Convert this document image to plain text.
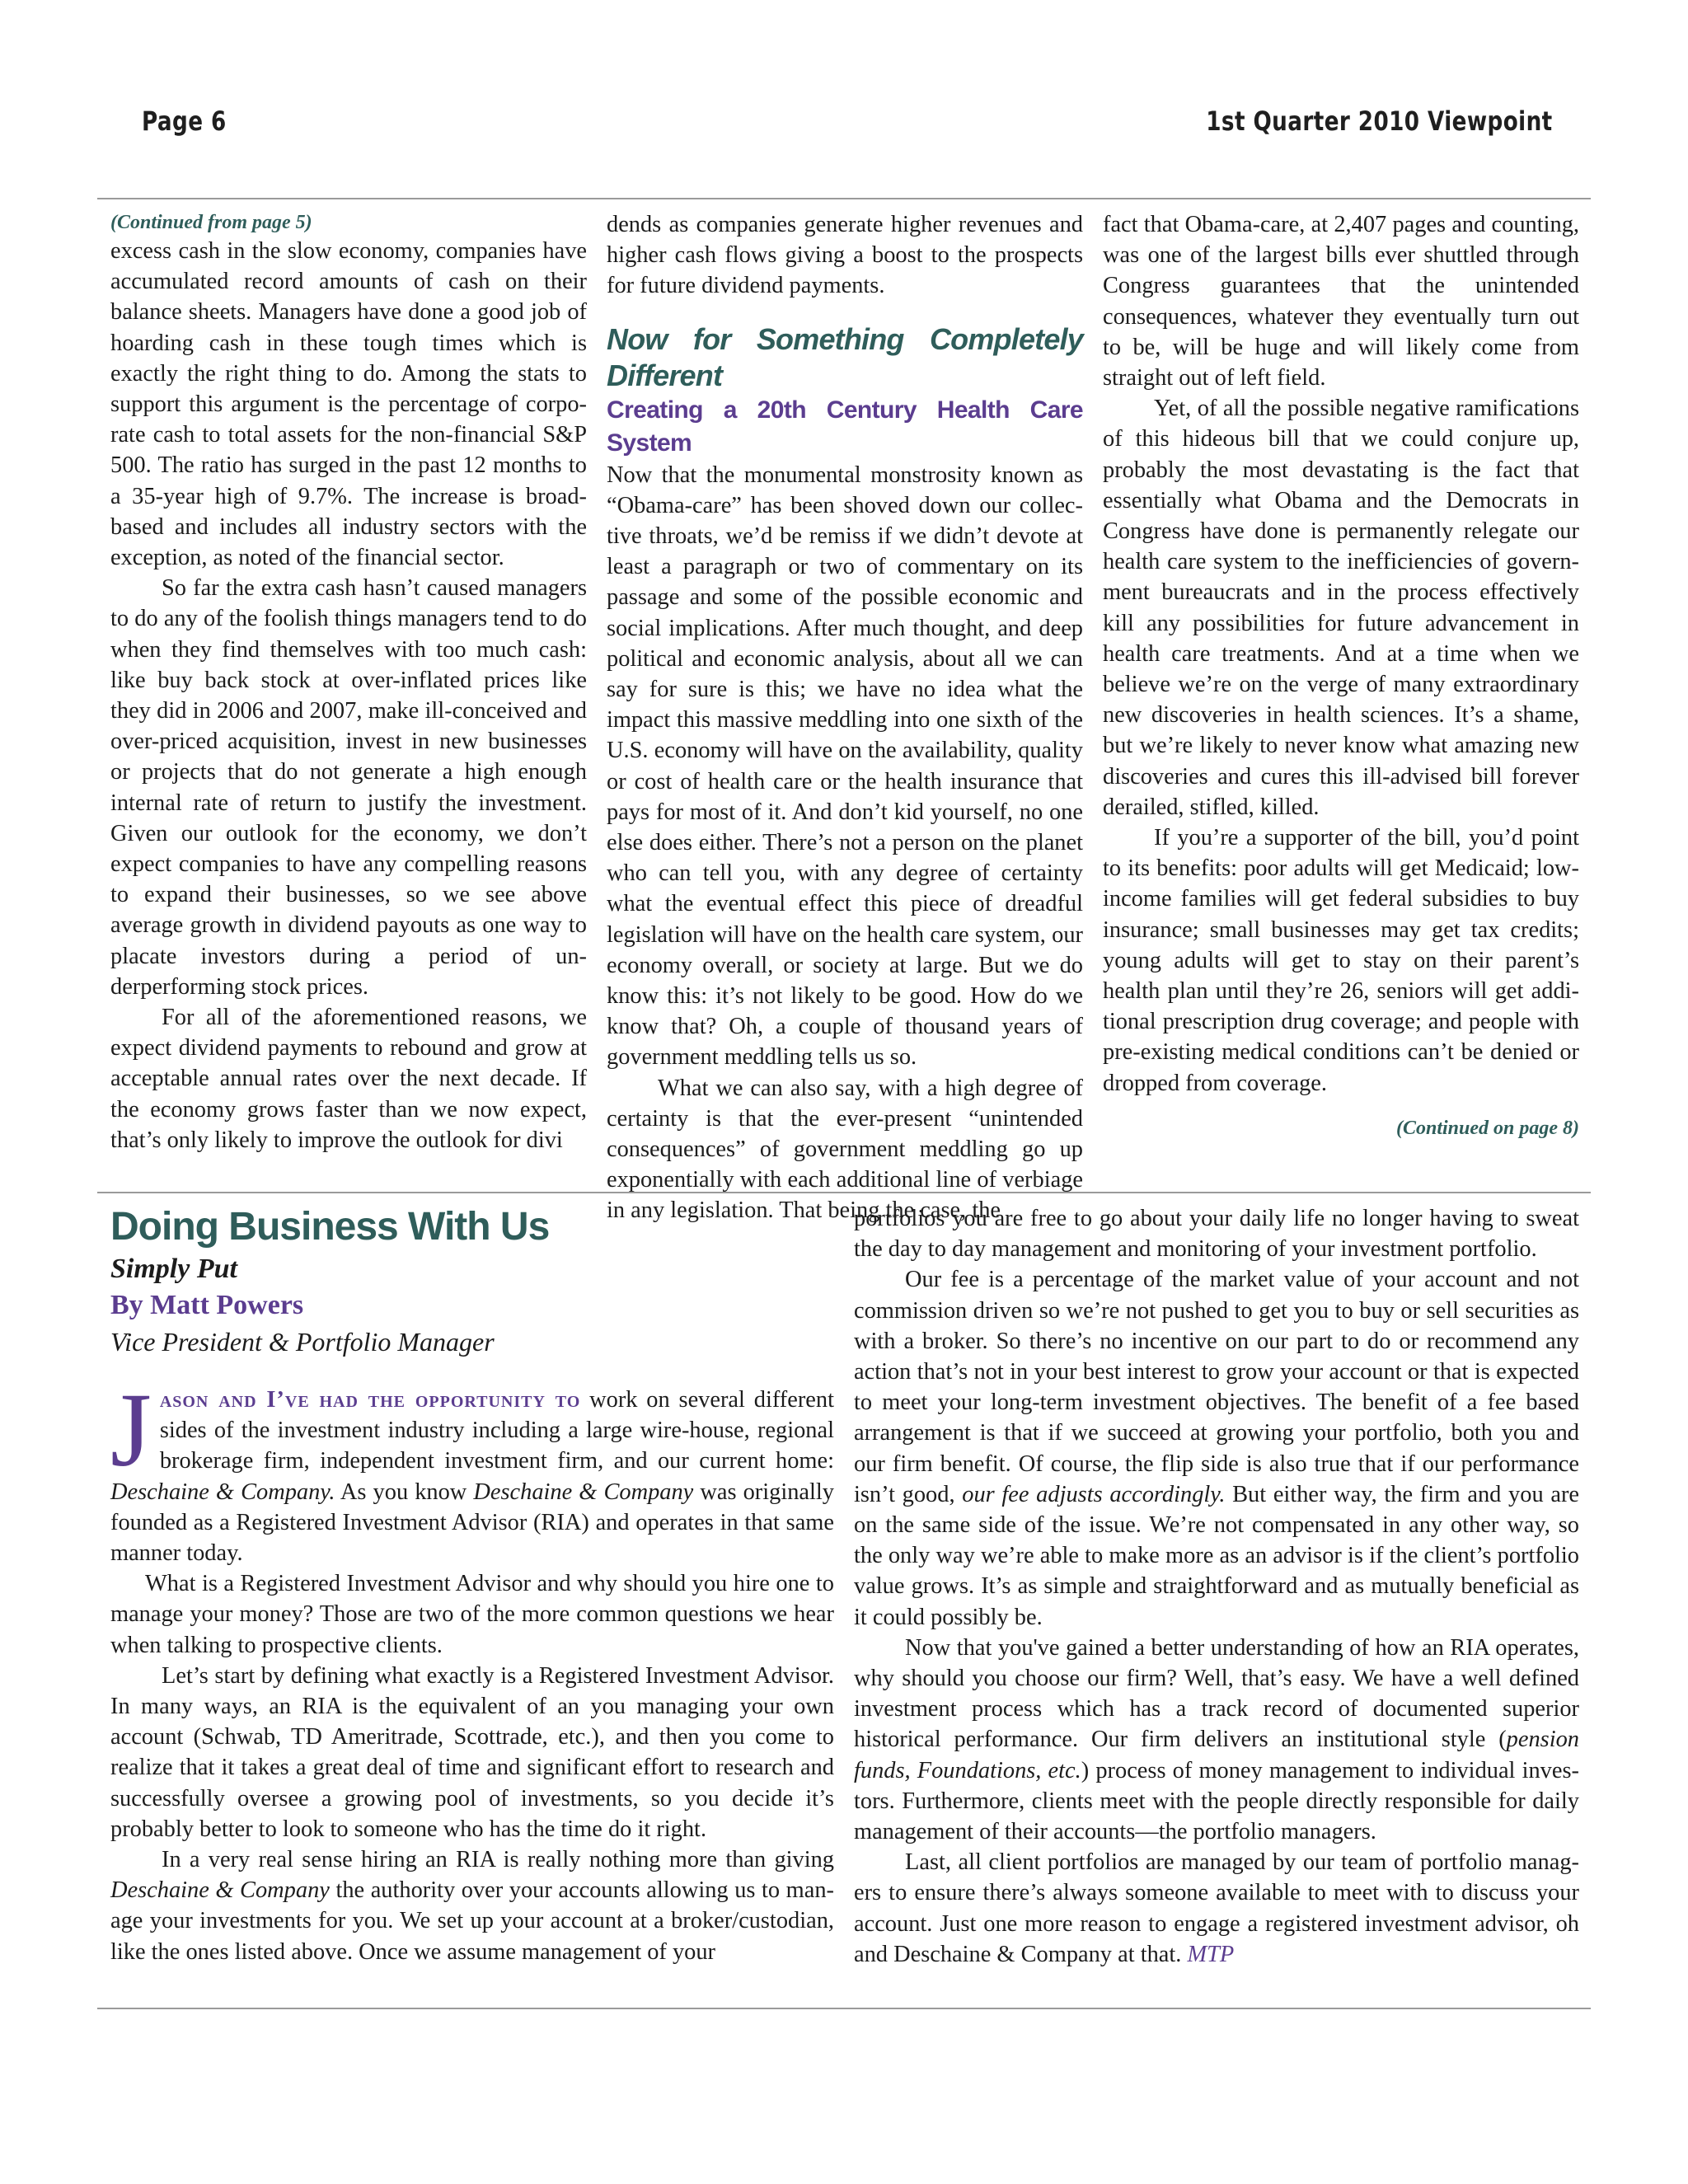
Page 6	1st Quarter 2010 Viewpoint

(Continued from page 5)

excess cash in the slow economy, companies have accumulated record amounts of cash on their balance sheets. Managers have done a good job of hoarding cash in these tough times which is exactly the right thing to do. Among the stats to support this argument is the percentage of corporate cash to total assets for the non-financial S&P 500. The ratio has surged in the past 12 months to a 35-year high of 9.7%. The increase is broad-based and includes all industry sectors with the exception, as noted of the financial sector.

So far the extra cash hasn’t caused managers to do any of the foolish things managers tend to do when they find themselves with too much cash: like buy back stock at over-inflated prices like they did in 2006 and 2007, make ill-conceived and over-priced acquisition, invest in new businesses or projects that do not generate a high enough internal rate of return to justify the investment. Given our outlook for the economy, we don’t expect companies to have any compelling reasons to expand their businesses, so we see above average growth in dividend payouts as one way to placate investors during a period of underperforming stock prices.

For all of the aforementioned reasons, we expect dividend payments to rebound and grow at acceptable annual rates over the next decade. If the economy grows faster than we now expect, that’s only likely to improve the outlook for divi

dends as companies generate higher revenues and higher cash flows giving a boost to the prospects for future dividend payments.

Now for Something Completely Different

Creating a 20th Century Health Care System

Now that the monumental monstrosity known as “Obama-care” has been shoved down our collective throats, we’d be remiss if we didn’t devote at least a paragraph or two of commentary on its passage and some of the possible economic and social implications. After much thought, and deep political and economic analysis, about all we can say for sure is this; we have no idea what the impact this massive meddling into one sixth of the U.S. economy will have on the availability, quality or cost of health care or the health insurance that pays for most of it. And don’t kid yourself, no one else does either. There’s not a person on the planet who can tell you, with any degree of certainty what the eventual effect this piece of dreadful legislation will have on the health care system, our economy overall, or society at large. But we do know this: it’s not likely to be good. How do we know that? Oh, a couple of thousand years of government meddling tells us so.

What we can also say, with a high degree of certainty is that the ever-present “unintended consequences” of government meddling go up exponentially with each additional line of verbiage in any legislation. That being the case, the

fact that Obama-care, at 2,407 pages and counting, was one of the largest bills ever shuttled through Congress guarantees that the unintended consequences, whatever they eventually turn out to be, will be huge and will likely come from straight out of left field.

Yet, of all the possible negative ramifications of this hideous bill that we could conjure up, probably the most devastating is the fact that essentially what Obama and the Democrats in Congress have done is permanently relegate our health care system to the inefficiencies of government bureaucrats and in the process effectively kill any possibilities for future advancement in health care treatments. And at a time when we believe we’re on the verge of many extraordinary new discoveries in health sciences. It’s a shame, but we’re likely to never know what amazing new discoveries and cures this ill-advised bill forever derailed, stifled, killed.

If you’re a supporter of the bill, you’d point to its benefits: poor adults will get Medicaid; low-income families will get federal subsidies to buy insurance; small businesses may get tax credits; young adults will get to stay on their parent’s health plan until they’re 26, seniors will get additional prescription drug coverage; and people with pre-existing medical conditions can’t be denied or dropped from coverage.

(Continued on page 8)

Doing Business With Us

Simply Put

By Matt Powers

Vice President & Portfolio Manager

Jason and I’ve had the opportunity to work on several different sides of the investment industry including a large wire-house, regional brokerage firm, independent investment firm, and our current home: Deschaine & Company. As you know Deschaine & Company was originally founded as a Registered Investment Advisor (RIA) and operates in that same manner today.

What is a Registered Investment Advisor and why should you hire one to manage your money? Those are two of the more common questions we hear when talking to prospective clients.

Let’s start by defining what exactly is a Registered Investment Advisor. In many ways, an RIA is the equivalent of an you managing your own account (Schwab, TD Ameritrade, Scottrade, etc.), and then you come to realize that it takes a great deal of time and significant effort to research and successfully oversee a growing pool of investments, so you decide it’s probably better to look to someone who has the time do it right.

In a very real sense hiring an RIA is really nothing more than giving Deschaine & Company the authority over your accounts allowing us to manage your investments for you. We set up your account at a broker/custodian, like the ones listed above. Once we assume management of your

portfolios you are free to go about your daily life no longer having to sweat the day to day management and monitoring of your investment portfolio.

Our fee is a percentage of the market value of your account and not commission driven so we’re not pushed to get you to buy or sell securities as with a broker. So there’s no incentive on our part to do or recommend any action that’s not in your best interest to grow your account or that is expected to meet your long-term investment objectives. The benefit of a fee based arrangement is that if we succeed at growing your portfolio, both you and our firm benefit. Of course, the flip side is also true that if our performance isn’t good, our fee adjusts accordingly. But either way, the firm and you are on the same side of the issue. We’re not compensated in any other way, so the only way we’re able to make more as an advisor is if the client’s portfolio value grows. It’s as simple and straightforward and as mutually beneficial as it could possibly be.

Now that you've gained a better understanding of how an RIA operates, why should you choose our firm? Well, that’s easy. We have a well defined investment process which has a track record of documented superior historical performance. Our firm delivers an institutional style (pension funds, Foundations, etc.) process of money management to individual investors. Furthermore, clients meet with the people directly responsible for daily management of their accounts—the portfolio managers.

Last, all client portfolios are managed by our team of portfolio managers to ensure there’s always someone available to meet with to discuss your account. Just one more reason to engage a registered investment advisor, oh and Deschaine & Company at that. MTP
